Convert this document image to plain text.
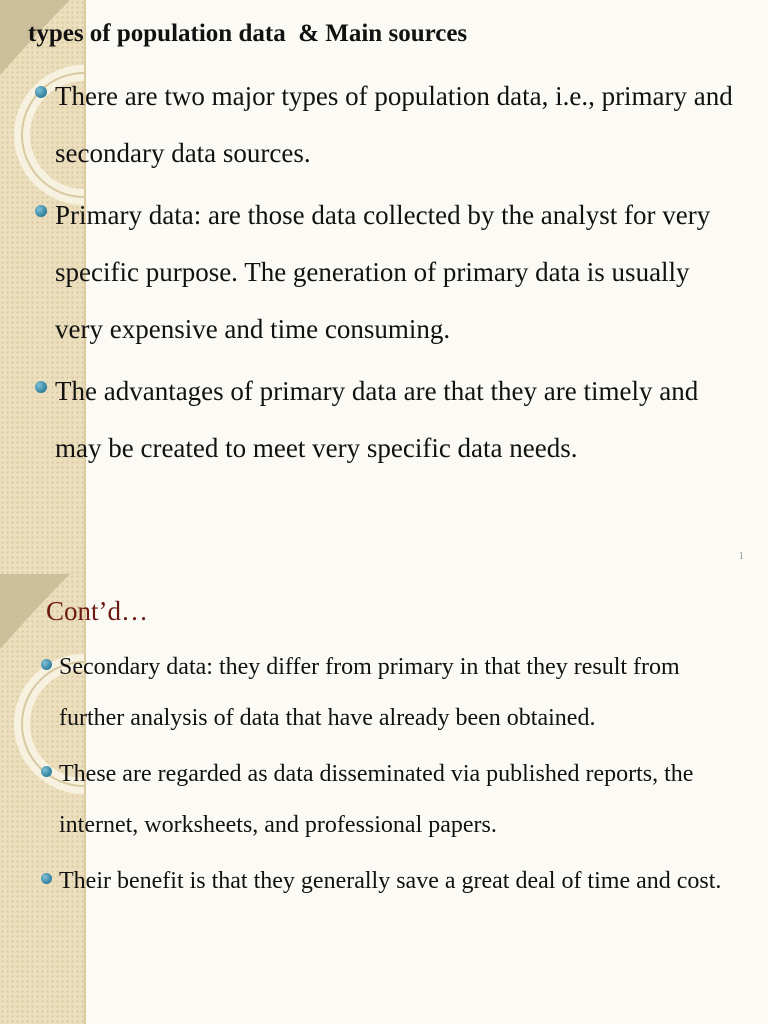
types of population data  & Main sources
There are two major types of population data, i.e., primary and secondary data sources.
Primary data: are those data collected by the analyst for very specific purpose. The generation of primary data is usually very expensive and time consuming.
The advantages of primary data are that they are timely and may be created to meet very specific data needs.
1
Cont’d…
Secondary data: they differ from primary in that they result from further analysis of data that have already been obtained.
These are regarded as data disseminated via published reports, the internet, worksheets, and professional papers.
Their benefit is that they generally save a great deal of time and cost.
